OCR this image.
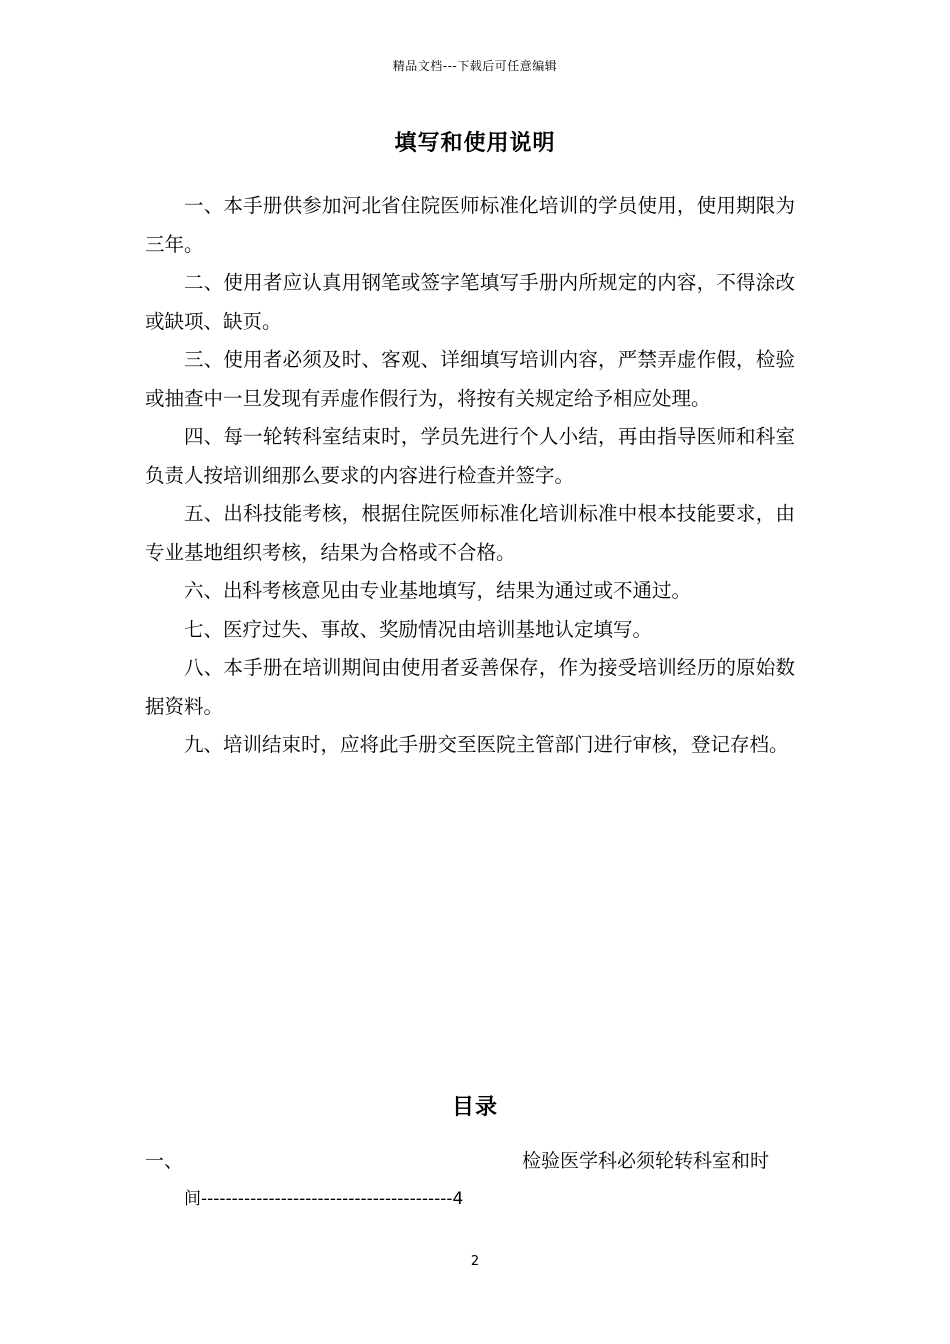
精品文档---下载后可任意编辑
填写和使用说明

一、本手册供参加河北省住院医师标准化培训的学员使用，使用期限为三年。

二、使用者应认真用钢笔或签字笔填写手册内所规定的内容，不得涂改或缺项、缺页。

三、使用者必须及时、客观、详细填写培训内容，严禁弄虚作假，检验或抽查中一旦发现有弄虚作假行为，将按有关规定给予相应处理。

四、每一轮转科室结束时，学员先进行个人小结，再由指导医师和科室负责人按培训细那么要求的内容进行检查并签字。

五、出科技能考核，根据住院医师标准化培训标准中根本技能要求，由专业基地组织考核，结果为合格或不合格。

六、出科考核意见由专业基地填写，结果为通过或不通过。

七、医疗过失、事故、奖励情况由培训基地认定填写。

八、本手册在培训期间由使用者妥善保存，作为接受培训经历的原始数据资料。

九、培训结束时，应将此手册交至医院主管部门进行审核，登记存档。

目录
一、	检验医学科必须轮转科室和时
间-----------------------------------------4
2
